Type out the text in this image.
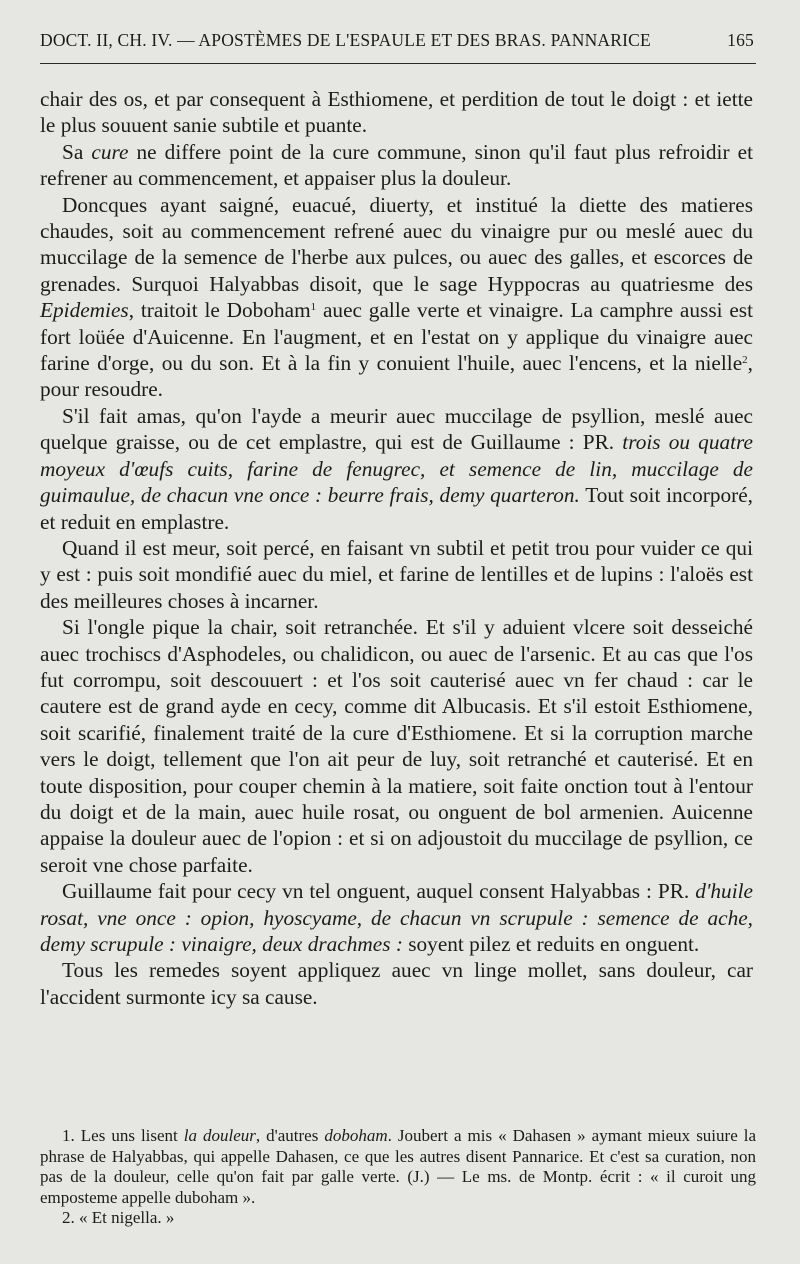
DOCT. II, CH. IV. — APOSTÈMES DE L'ESPAULE ET DES BRAS. PANNARICE	165

chair des os, et par consequent à Esthiomene, et perdition de tout le doigt : et iette le plus souuent sanie subtile et puante.

Sa cure ne differe point de la cure commune, sinon qu'il faut plus refroidir et refrener au commencement, et appaiser plus la douleur.

Doncques ayant saigné, euacué, diuerty, et institué la diette des matieres chaudes, soit au commencement refrené auec du vinaigre pur ou meslé auec du muccilage de la semence de l'herbe aux pulces, ou auec des galles, et escorces de grenades. Surquoi Halyabbas disoit, que le sage Hyppocras au quatriesme des Epidemies, traitoit le Doboham$^1$ auec galle verte et vinaigre. La camphre aussi est fort loüée d'Auicenne. En l'augment, et en l'estat on y applique du vinaigre auec farine d'orge, ou du son. Et à la fin y conuient l'huile, auec l'encens, et la nielle$^2$, pour resoudre.

S'il fait amas, qu'on l'ayde a meurir auec muccilage de psyllion, meslé auec quelque graisse, ou de cet emplastre, qui est de Guillaume : PR. trois ou quatre moyeux d'œufs cuits, farine de fenugrec, et semence de lin, muccilage de guimaulue, de chacun vne once : beurre frais, demy quarteron. Tout soit incorporé, et reduit en emplastre.

Quand il est meur, soit percé, en faisant vn subtil et petit trou pour vuider ce qui y est : puis soit mondifié auec du miel, et farine de lentilles et de lupins : l'aloës est des meilleures choses à incarner.

Si l'ongle pique la chair, soit retranchée. Et s'il y aduient vlcere soit desseiché auec trochiscs d'Asphodeles, ou chalidicon, ou auec de l'arsenic. Et au cas que l'os fut corrompu, soit descouuert : et l'os soit cauterisé auec vn fer chaud : car le cautere est de grand ayde en cecy, comme dit Albucasis. Et s'il estoit Esthiomene, soit scarifié, finalement traité de la cure d'Esthiomene. Et si la corruption marche vers le doigt, tellement que l'on ait peur de luy, soit retranché et cauterisé. Et en toute disposition, pour couper chemin à la matiere, soit faite onction tout à l'entour du doigt et de la main, auec huile rosat, ou onguent de bol armenien. Auicenne appaise la douleur auec de l'opion : et si on adjoustoit du muccilage de psyllion, ce seroit vne chose parfaite.

Guillaume fait pour cecy vn tel onguent, auquel consent Halyabbas : PR. d'huile rosat, vne once : opion, hyoscyame, de chacun vn scrupule : semence de ache, demy scrupule : vinaigre, deux drachmes : soyent pilez et reduits en onguent.

Tous les remedes soyent appliquez auec vn linge mollet, sans douleur, car l'accident surmonte icy sa cause.

1. Les uns lisent la douleur, d'autres doboham. Joubert a mis « Dahasen » aymant mieux suiure la phrase de Halyabbas, qui appelle Dahasen, ce que les autres disent Pannarice. Et c'est sa curation, non pas de la douleur, celle qu'on fait par galle verte. (J.) — Le ms. de Montp. écrit : « il curoit ung emposteme appelle duboham ».

2. « Et nigella. »
